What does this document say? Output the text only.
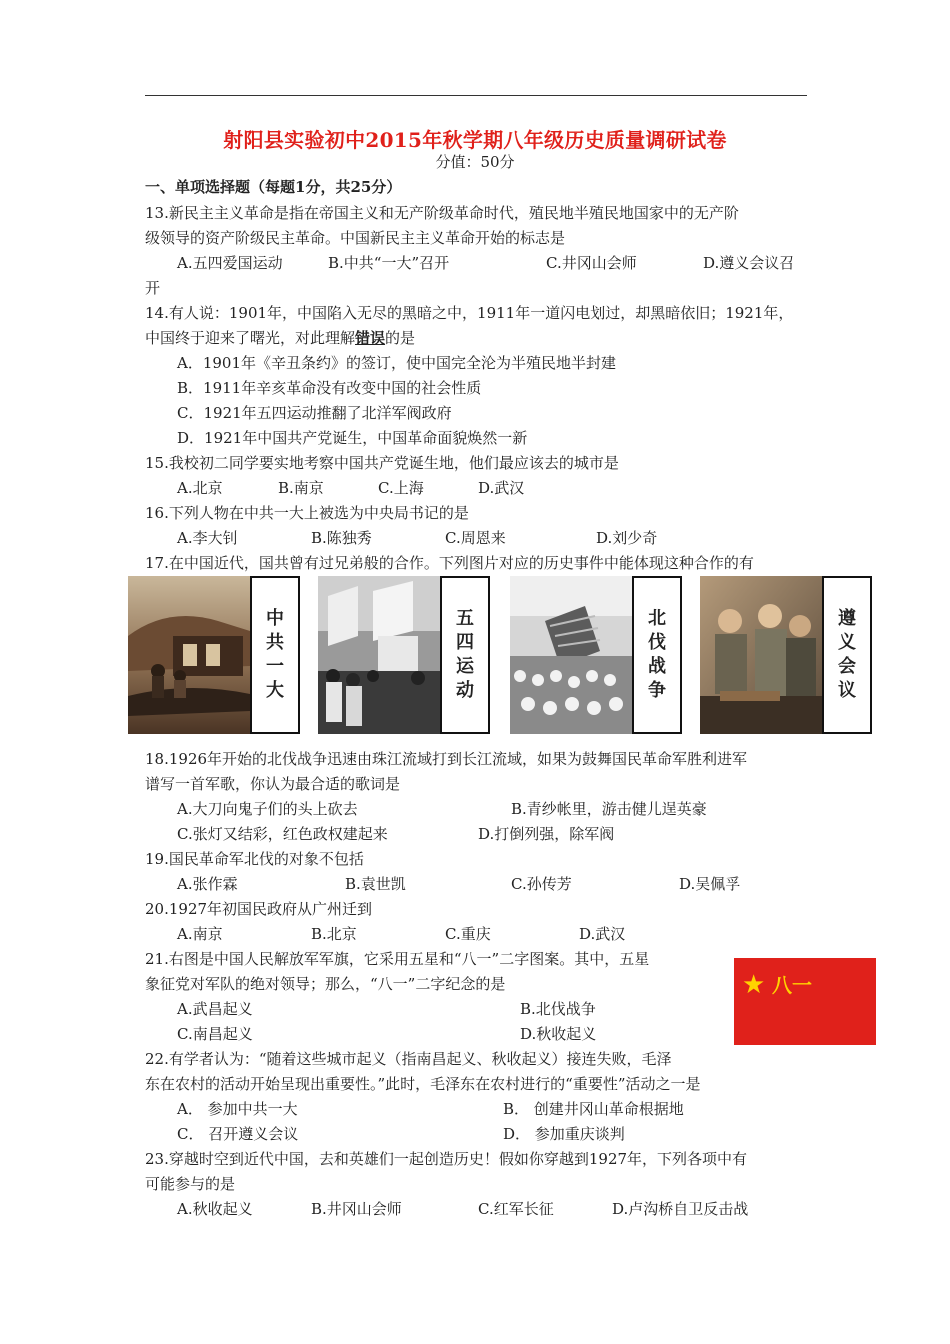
射阳县实验初中2015年秋学期八年级历史质量调研试卷
分值：50分
一、单项选择题（每题1分，共25分）
13.新民主主义革命是指在帝国主义和无产阶级革命时代，殖民地半殖民地国家中的无产阶
级领导的资产阶级民主革命。中国新民主主义革命开始的标志是
A.五四爱国运动	B.中共“一大”召开	C.井冈山会师	D.遵义会议召
开
14.有人说：1901年，中国陷入无尽的黑暗之中，1911年一道闪电划过，却黑暗依旧；1921年，
中国终于迎来了曙光，对此理解错误的是
A．1901年《辛丑条约》的签订，使中国完全沦为半殖民地半封建
B．1911年辛亥革命没有改变中国的社会性质
C．1921年五四运动推翻了北洋军阀政府
D．1921年中国共产党诞生，中国革命面貌焕然一新
15.我校初二同学要实地考察中国共产党诞生地，他们最应该去的城市是
A.北京	B.南京	C.上海	D.武汉
16.下列人物在中共一大上被选为中央局书记的是
A.李大钊	B.陈独秀	C.周恩来	D.刘少奇
17.在中国近代，国共曾有过兄弟般的合作。下列图片对应的历史事件中能体现这种合作的有
中
共
一
大
五
四
运
动
北
伐
战
争
遵
义
会
议
18.1926年开始的北伐战争迅速由珠江流域打到长江流域，如果为鼓舞国民革命军胜利进军
谱写一首军歌，你认为最合适的歌词是
A.大刀向鬼子们的头上砍去	B.青纱帐里，游击健儿逞英豪
C.张灯又结彩，红色政权建起来	D.打倒列强，除军阀
19.国民革命军北伐的对象不包括
A.张作霖	B.袁世凯	C.孙传芳	D.吴佩孚
20.1927年初国民政府从广州迁到
A.南京	B.北京	C.重庆	D.武汉
21.右图是中国人民解放军军旗，它采用五星和“八一”二字图案。其中，五星
象征党对军队的绝对领导；那么，“八一”二字纪念的是
A.武昌起义	B.北伐战争
C.南昌起义	D.秋收起义
★ 八一
22.有学者认为：“随着这些城市起义（指南昌起义、秋收起义）接连失败，毛泽
东在农村的活动开始呈现出重要性。”此时，毛泽东在农村进行的“重要性”活动之一是
A． 参加中共一大	B． 创建井冈山革命根据地
C． 召开遵义会议	D． 参加重庆谈判
23.穿越时空到近代中国，去和英雄们一起创造历史！假如你穿越到1927年，下列各项中有
可能参与的是
A.秋收起义	B.井冈山会师	C.红军长征	D.卢沟桥自卫反击战
